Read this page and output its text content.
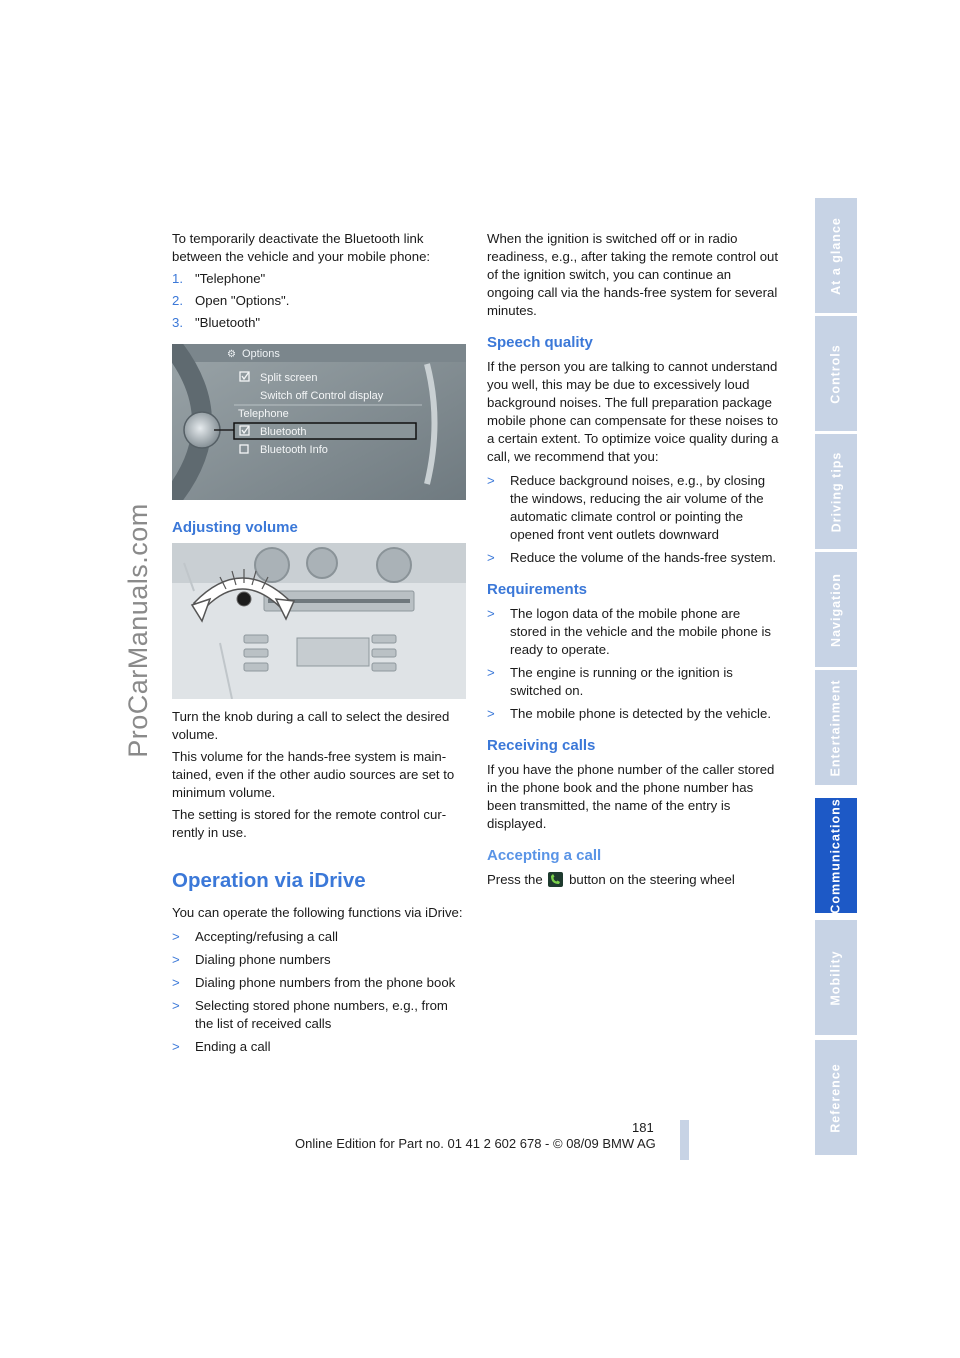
ProCarManuals.com

To temporarily deactivate the Bluetooth link between the vehicle and your mobile phone:

1. "Telephone"
2. Open "Options".
3. "Bluetooth"
⚙ Options
Split screen
Switch off Control display
Telephone
Bluetooth
Bluetooth Info
Adjusting volume

Turn the knob during a call to select the desired volume.

This volume for the hands-free system is maintained, even if the other audio sources are set to minimum volume.

The setting is stored for the remote control currently in use.

Operation via iDrive

You can operate the following functions via iDrive:

>	Accepting/refusing a call
>	Dialing phone numbers
>	Dialing phone numbers from the phone book
>	Selecting stored phone numbers, e.g., from the list of received calls
>	Ending a call

When the ignition is switched off or in radio readiness, e.g., after taking the remote control out of the ignition switch, you can continue an ongoing call via the hands-free system for several minutes.

Speech quality

If the person you are talking to cannot understand you well, this may be due to excessively loud background noises. The full preparation package mobile phone can compensate for these noises to a certain extent. To optimize voice quality during a call, we recommend that you:

>	Reduce background noises, e.g., by closing the windows, reducing the air volume of the automatic climate control or pointing the opened front vent outlets downward
>	Reduce the volume of the hands-free system.
Requirements
>	The logon data of the mobile phone are stored in the vehicle and the mobile phone is ready to operate.
>	The engine is running or the ignition is switched on.
>	The mobile phone is detected by the vehicle.
Receiving calls

If you have the phone number of the caller stored in the phone book and the phone number has been transmitted, the name of the entry is displayed.

Accepting a call

Press the button on the steering wheel

At a glance
Controls
Driving tips
Navigation
Entertainment
Communications
Mobility
Reference
181
Online Edition for Part no. 01 41 2 602 678 - © 08/09 BMW AG
